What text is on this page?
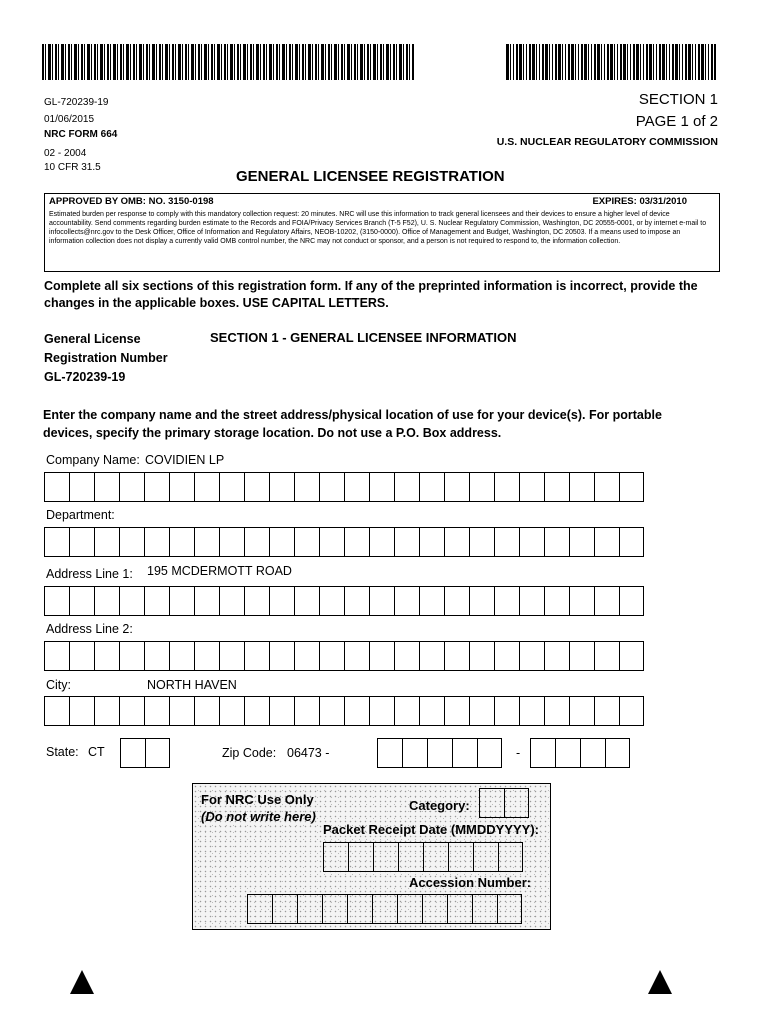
GL-720239-19
01/06/2015
NRC FORM 664
02 - 2004
10 CFR 31.5
SECTION 1
PAGE 1 of 2
U.S. NUCLEAR REGULATORY COMMISSION
GENERAL LICENSEE REGISTRATION
APPROVED BY OMB: NO. 3150-0198	EXPIRES: 03/31/2010
Estimated burden per response to comply with this mandatory collection request: 20 minutes. NRC will use this information to track general licensees and their devices to ensure a higher level of device accountability. Send comments regarding burden estimate to the Records and FOIA/Privacy Services Branch (T-5 F52), U. S. Nuclear Regulatory Commission, Washington, DC 20555-0001, or by internet e-mail to infocollects@nrc.gov to the Desk Officer, Office of Information and Regulatory Affairs, NEOB-10202, (3150-0000). Office of Management and Budget, Washington, DC 20503. If a means used to impose an information collection does not display a currently valid OMB control number, the NRC may not conduct or sponsor, and a person is not required to respond to, the information collection.
Complete all six sections of this registration form. If any of the preprinted information is incorrect, provide the changes in the applicable boxes. USE CAPITAL LETTERS.
General License
Registration Number
GL-720239-19
SECTION 1 - GENERAL LICENSEE INFORMATION
Enter the company name and the street address/physical location of use for your device(s). For portable devices, specify the primary storage location. Do not use a P.O. Box address.
Company Name: COVIDIEN LP
Department:
Address Line 1: 195 MCDERMOTT ROAD
Address Line 2:
City:	NORTH HAVEN
State: CT	Zip Code: 06473 -	-
For NRC Use Only
(Do not write here)
Category:
Packet Receipt Date (MMDDYYYY):
Accession Number:
